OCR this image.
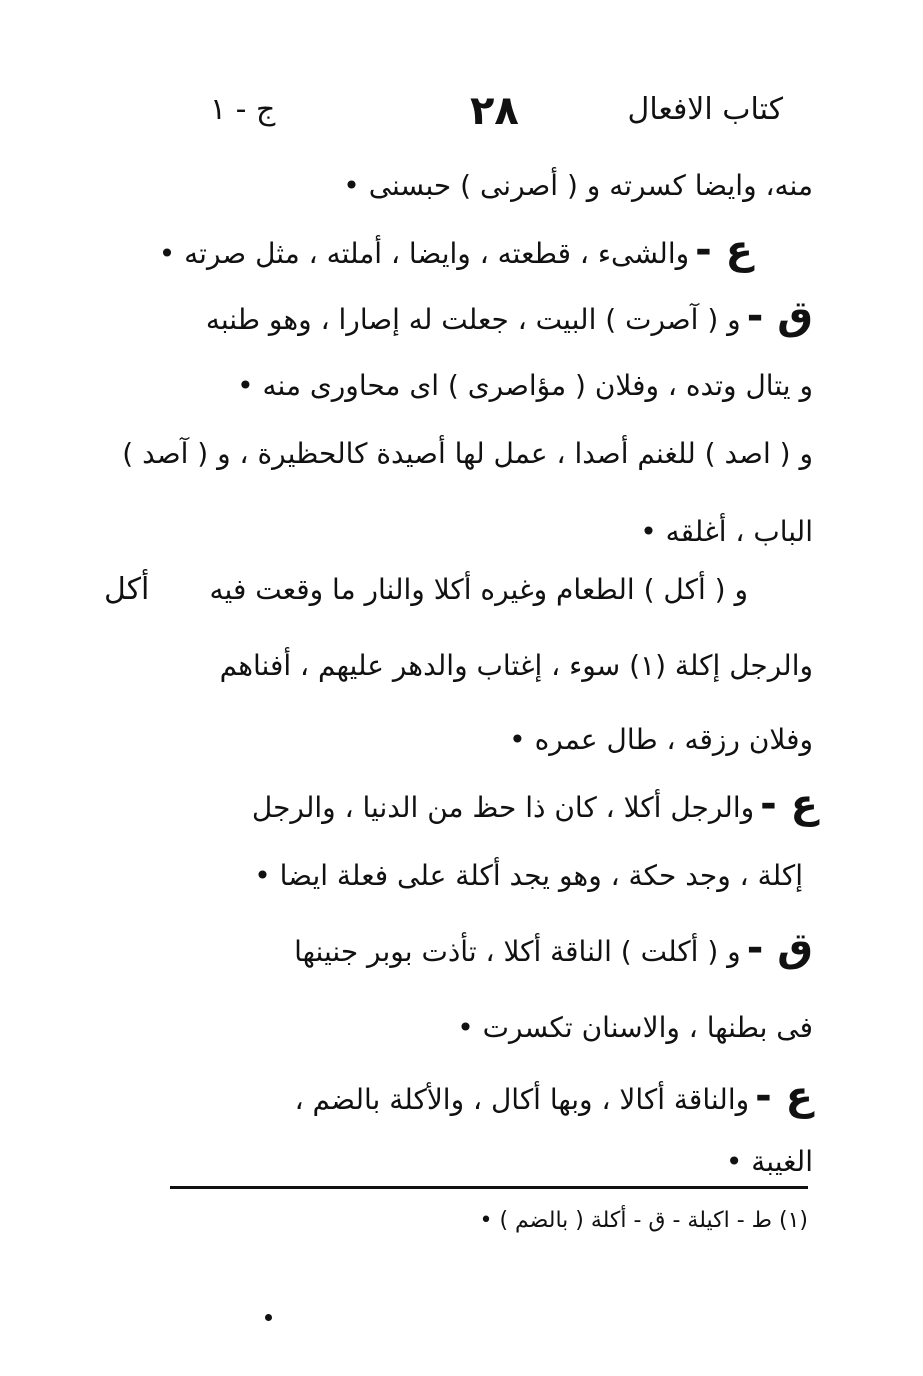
كتاب الافعال
٢٨
ج - ١
منه، وايضا كسرته و ( أصرنى ) حبسنى •
ع -والشىء ، قطعته ، وايضا ، أملته ، مثل صرته •
ق -و ( آصرت ) البيت ، جعلت له إصارا ، وهو طنبه
و يتال وتده ، وفلان ( مؤاصرى ) اى محاورى منه •
و ( اصد ) للغنم أصدا ، عمل لها أصيدة كالحظيرة ، و ( آصد )
الباب ، أغلقه •
و ( أكل ) الطعام وغيره أكلا والنار ما وقعت فيه
أكل
والرجل إكلة (١) سوء ، إغتاب والدهر عليهم ، أفناهم
وفلان رزقه ، طال عمره •
ع -والرجل أكلا ، كان ذا حظ من الدنيا ، والرجل
إكلة ، وجد حكة ، وهو يجد أكلة على فعلة ايضا •
ق -و ( أكلت ) الناقة أكلا ، تأذت بوبر جنينها
فى بطنها ، والاسنان تكسرت •
ع -والناقة أكالا ، وبها أكال ، والأكلة بالضم ،
الغيبة •
(١) ط - اكيلة - ق - أكلة ( بالضم ) •
